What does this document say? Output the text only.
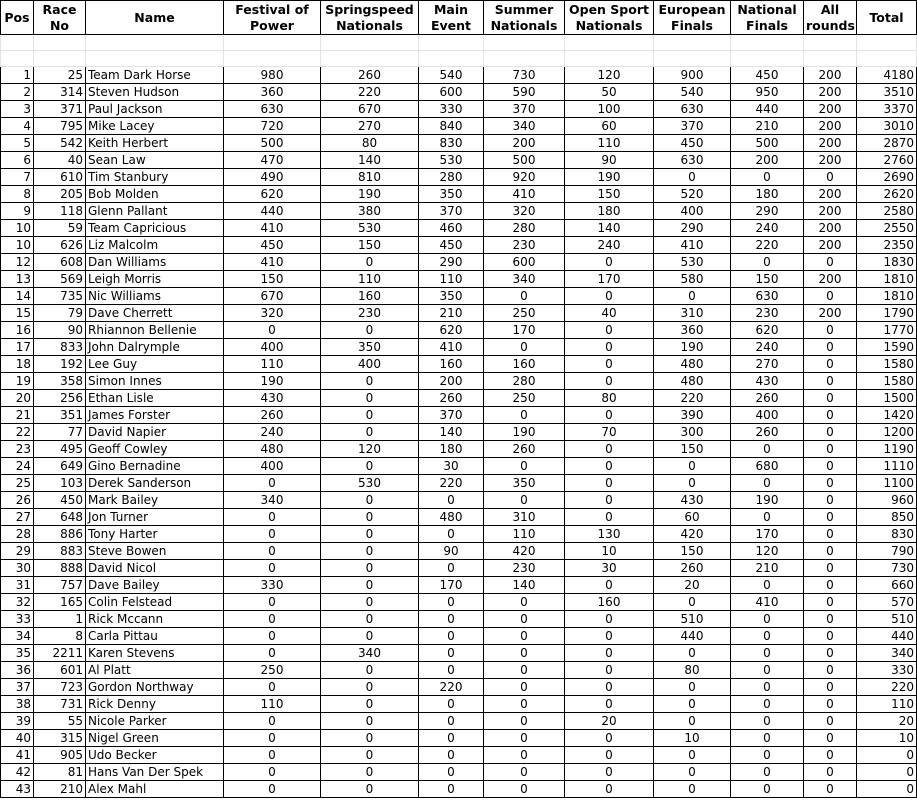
Pos	Race No	Name	Festival of Power	Springspeed Nationals	Main Event	Summer Nationals	Open Sport Nationals	European Finals	National Finals	All rounds	Total

1	25	Team Dark Horse	980	260	540	730	120	900	450	200	4180
2	314	Steven Hudson	360	220	600	590	50	540	950	200	3510
3	371	Paul Jackson	630	670	330	370	100	630	440	200	3370
4	795	Mike Lacey	720	270	840	340	60	370	210	200	3010
5	542	Keith Herbert	500	80	830	200	110	450	500	200	2870
6	40	Sean Law	470	140	530	500	90	630	200	200	2760
7	610	Tim Stanbury	490	810	280	920	190	0	0	0	2690
8	205	Bob Molden	620	190	350	410	150	520	180	200	2620
9	118	Glenn Pallant	440	380	370	320	180	400	290	200	2580
10	59	Team Capricious	410	530	460	280	140	290	240	200	2550
10	626	Liz Malcolm	450	150	450	230	240	410	220	200	2350
12	608	Dan Williams	410	0	290	600	0	530	0	0	1830
13	569	Leigh Morris	150	110	110	340	170	580	150	200	1810
14	735	Nic Williams	670	160	350	0	0	0	630	0	1810
15	79	Dave Cherrett	320	230	210	250	40	310	230	200	1790
16	90	Rhiannon Bellenie	0	0	620	170	0	360	620	0	1770
17	833	John Dalrymple	400	350	410	0	0	190	240	0	1590
18	192	Lee Guy	110	400	160	160	0	480	270	0	1580
19	358	Simon Innes	190	0	200	280	0	480	430	0	1580
20	256	Ethan Lisle	430	0	260	250	80	220	260	0	1500
21	351	James Forster	260	0	370	0	0	390	400	0	1420
22	77	David Napier	240	0	140	190	70	300	260	0	1200
23	495	Geoff Cowley	480	120	180	260	0	150	0	0	1190
24	649	Gino Bernadine	400	0	30	0	0	0	680	0	1110
25	103	Derek Sanderson	0	530	220	350	0	0	0	0	1100
26	450	Mark Bailey	340	0	0	0	0	430	190	0	960
27	648	Jon Turner	0	0	480	310	0	60	0	0	850
28	886	Tony Harter	0	0	0	110	130	420	170	0	830
29	883	Steve Bowen	0	0	90	420	10	150	120	0	790
30	888	David Nicol	0	0	0	230	30	260	210	0	730
31	757	Dave Bailey	330	0	170	140	0	20	0	0	660
32	165	Colin Felstead	0	0	0	0	160	0	410	0	570
33	1	Rick Mccann	0	0	0	0	0	510	0	0	510
34	8	Carla Pittau	0	0	0	0	0	440	0	0	440
35	2211	Karen Stevens	0	340	0	0	0	0	0	0	340
36	601	Al Platt	250	0	0	0	0	80	0	0	330
37	723	Gordon Northway	0	0	220	0	0	0	0	0	220
38	731	Rick Denny	110	0	0	0	0	0	0	0	110
39	55	Nicole Parker	0	0	0	0	20	0	0	0	20
40	315	Nigel Green	0	0	0	0	0	10	0	0	10
41	905	Udo Becker	0	0	0	0	0	0	0	0	0
42	81	Hans Van Der Spek	0	0	0	0	0	0	0	0	0
43	210	Alex Mahl	0	0	0	0	0	0	0	0	0
